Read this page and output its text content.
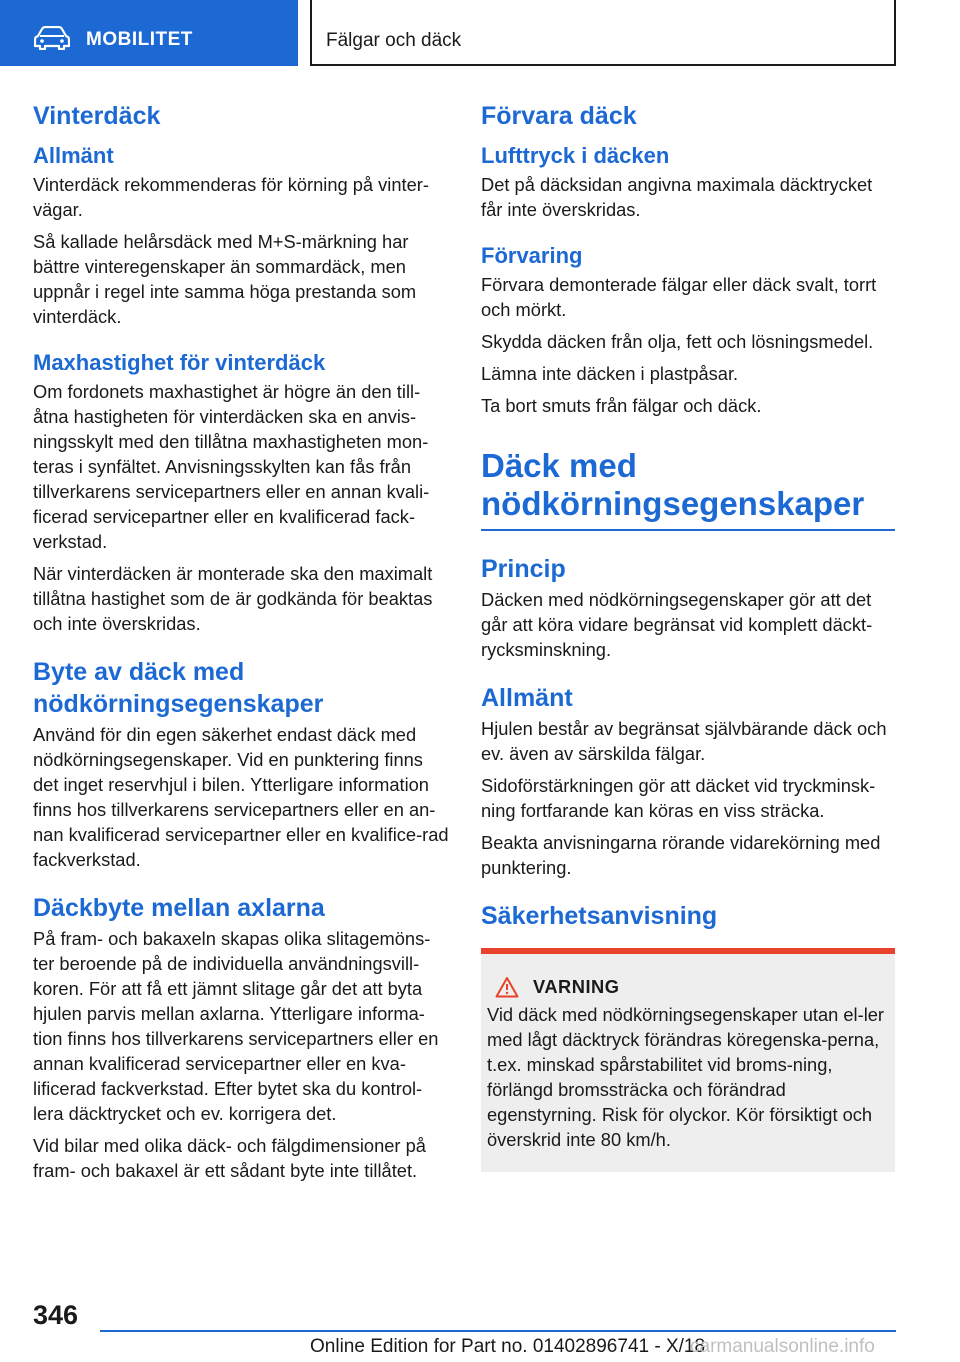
MOBILITET	Fälgar och däck
Vinterdäck
Allmänt

Vinterdäck rekommenderas för körning på vinter-vägar.

Så kallade helårsdäck med M+S-märkning har bättre vinteregenskaper än sommardäck, men uppnår i regel inte samma höga prestanda som vinterdäck.

Maxhastighet för vinterdäck

Om fordonets maxhastighet är högre än den till-åtna hastigheten för vinterdäcken ska en anvis-ningsskylt med den tillåtna maxhastigheten mon-teras i synfältet. Anvisningsskylten kan fås från tillverkarens servicepartners eller en annan kvali-ficerad servicepartner eller en kvalificerad fack-verkstad.

När vinterdäcken är monterade ska den maximalt tillåtna hastighet som de är godkända för beaktas och inte överskridas.

Byte av däck med nödkörningsegenskaper

Använd för din egen säkerhet endast däck med nödkörningsegenskaper. Vid en punktering finns det inget reservhjul i bilen. Ytterligare information finns hos tillverkarens servicepartners eller en an-nan kvalificerad servicepartner eller en kvalifice-rad fackverkstad.

Däckbyte mellan axlarna

På fram- och bakaxeln skapas olika slitagemöns-ter beroende på de individuella användningsvill-koren. För att få ett jämnt slitage går det att byta hjulen parvis mellan axlarna. Ytterligare informa-tion finns hos tillverkarens servicepartners eller en annan kvalificerad servicepartner eller en kva-lificerad fackverkstad. Efter bytet ska du kontrol-lera däcktrycket och ev. korrigera det.

Vid bilar med olika däck- och fälgdimensioner på fram- och bakaxel är ett sådant byte inte tillåtet.

Förvara däck
Lufttryck i däcken

Det på däcksidan angivna maximala däcktrycket får inte överskridas.

Förvaring

Förvara demonterade fälgar eller däck svalt, torrt och mörkt.

Skydda däcken från olja, fett och lösningsmedel.

Lämna inte däcken i plastpåsar.

Ta bort smuts från fälgar och däck.

Däck med nödkörningsegenskaper
Princip

Däcken med nödkörningsegenskaper gör att det går att köra vidare begränsat vid komplett däckt-rycksminskning.

Allmänt

Hjulen består av begränsat självbärande däck och ev. även av särskilda fälgar.

Sidoförstärkningen gör att däcket vid tryckminsk-ning fortfarande kan köras en viss sträcka.

Beakta anvisningarna rörande vidarekörning med punktering.

Säkerhetsanvisning
VARNING

Vid däck med nödkörningsegenskaper utan el-ler med lågt däcktryck förändras köregenska-perna, t.ex. minskad spårstabilitet vid broms-ning, förlängd bromssträcka och förändrad egenstyrning. Risk för olyckor. Kör försiktigt och överskrid inte 80 km/h.

346
Online Edition for Part no. 01402896741 - X/18
carmanualsonline.info
